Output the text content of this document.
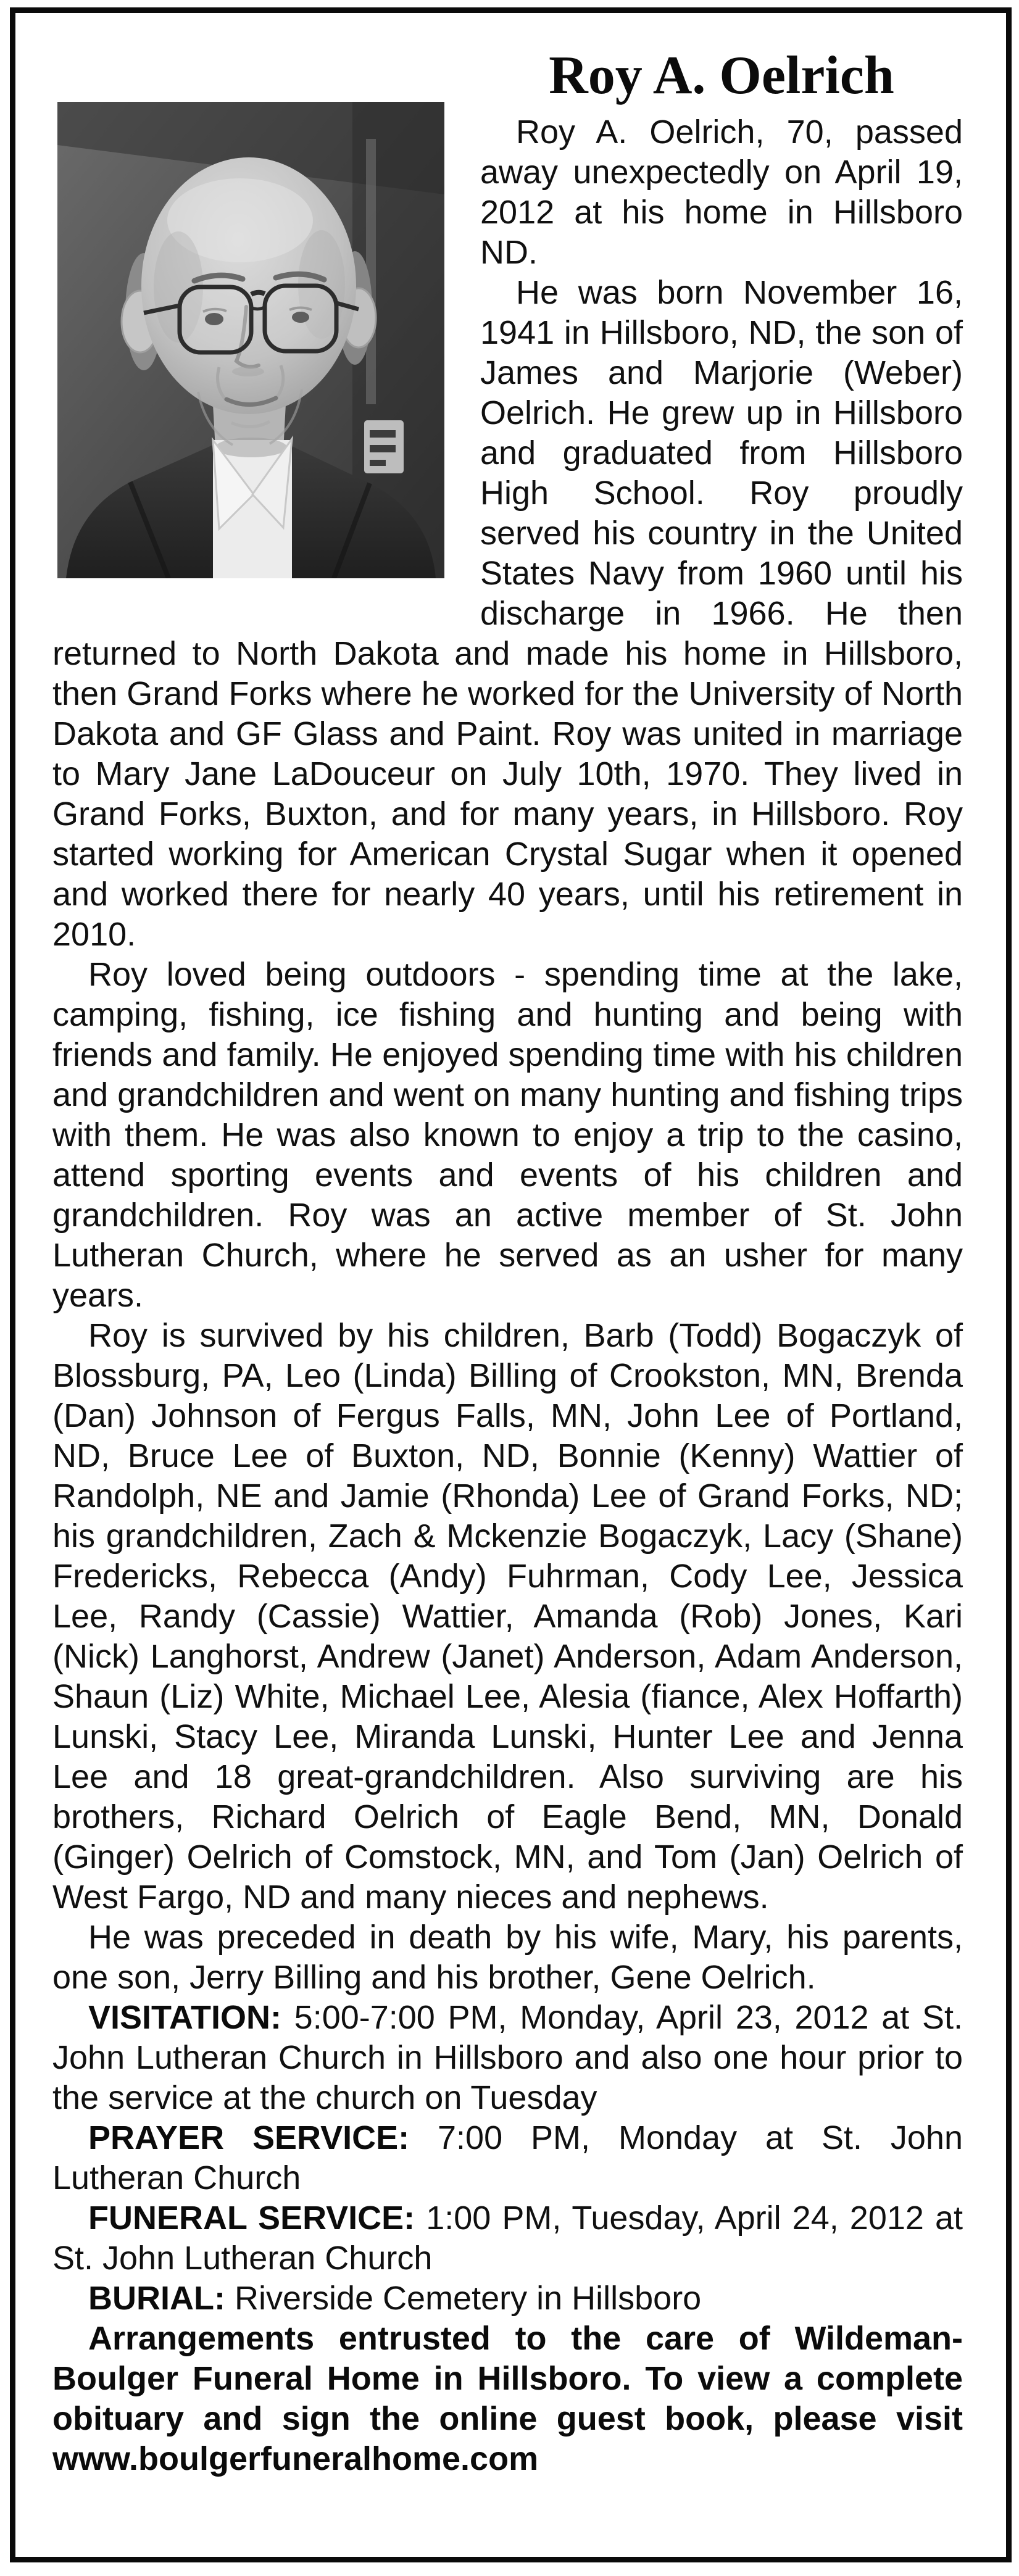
Roy A. Oelrich

Roy A. Oelrich, 70, passed away unexpectedly on April 19, 2012 at his home in Hillsboro ND.

He was born November 16, 1941 in Hillsboro, ND, the son of James and Marjorie (Weber) Oelrich. He grew up in Hillsboro and graduated from Hillsboro High School. Roy proudly served his country in the United States Navy from 1960 until his discharge in 1966. He then returned to North Dakota and made his home in Hillsboro, then Grand Forks where he worked for the University of North Dakota and GF Glass and Paint. Roy was united in marriage to Mary Jane LaDouceur on July 10th, 1970. They lived in Grand Forks, Buxton, and for many years, in Hillsboro. Roy started working for American Crystal Sugar when it opened and worked there for nearly 40 years, until his retirement in 2010.

Roy loved being outdoors - spending time at the lake, camping, fishing, ice fishing and hunting and being with friends and family. He enjoyed spending time with his children and grandchildren and went on many hunting and fishing trips with them. He was also known to enjoy a trip to the casino, attend sporting events and events of his children and grandchildren. Roy was an active member of St. John Lutheran Church, where he served as an usher for many years.

Roy is survived by his children, Barb (Todd) Bogaczyk of Blossburg, PA, Leo (Linda) Billing of Crookston, MN, Brenda (Dan) Johnson of Fergus Falls, MN, John Lee of Portland, ND, Bruce Lee of Buxton, ND, Bonnie (Kenny) Wattier of Randolph, NE and Jamie (Rhonda) Lee of Grand Forks, ND; his grandchildren, Zach & Mckenzie Bogaczyk, Lacy (Shane) Fredericks, Rebecca (Andy) Fuhrman, Cody Lee, Jessica Lee, Randy (Cassie) Wattier, Amanda (Rob) Jones, Kari (Nick) Langhorst, Andrew (Janet) Anderson, Adam Anderson, Shaun (Liz) White, Michael Lee, Alesia (fiance, Alex Hoffarth) Lunski, Stacy Lee, Miranda Lunski, Hunter Lee and Jenna Lee and 18 great-grandchildren. Also surviving are his brothers, Richard Oelrich of Eagle Bend, MN, Donald (Ginger) Oelrich of Comstock, MN, and Tom (Jan) Oelrich of West Fargo, ND and many nieces and nephews.

He was preceded in death by his wife, Mary, his parents, one son, Jerry Billing and his brother, Gene Oelrich.

VISITATION: 5:00-7:00 PM, Monday, April 23, 2012 at St. John Lutheran Church in Hillsboro and also one hour prior to the service at the church on Tuesday

PRAYER SERVICE: 7:00 PM, Monday at St. John Lutheran Church

FUNERAL SERVICE: 1:00 PM, Tuesday, April 24, 2012 at St. John Lutheran Church

BURIAL: Riverside Cemetery in Hillsboro

Arrangements entrusted to the care of Wildeman-Boulger Funeral Home in Hillsboro. To view a complete obituary and sign the online guest book, please visit www.boulgerfuneralhome.com
